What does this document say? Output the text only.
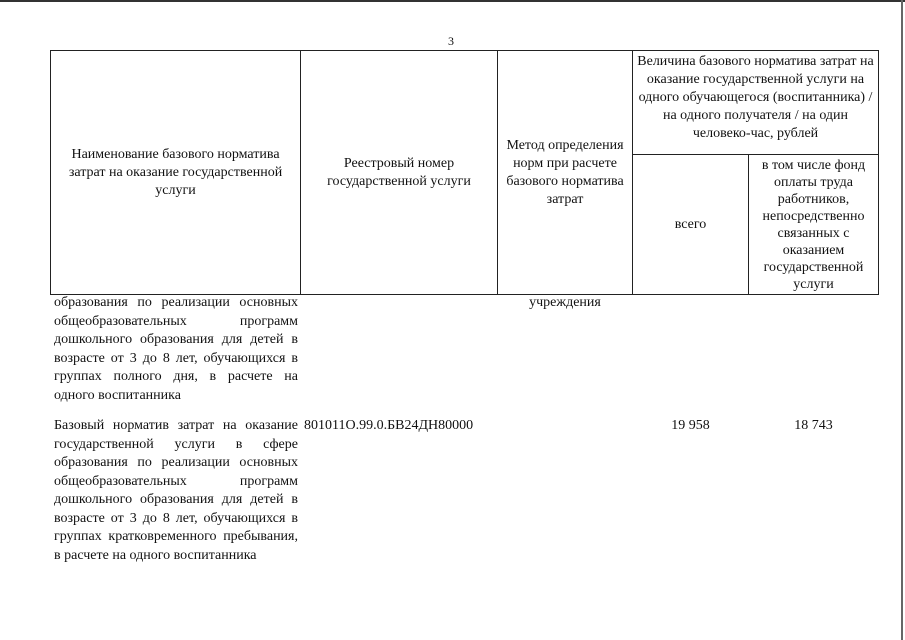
3
Наименование базового норматива затрат на оказание государственной услуги
Реестровый номер государственной услуги
Метод определения норм при расчете базового норматива затрат
Величина базового норматива затрат на оказание государственной услуги на одного обучающегося (воспитанника) / на одного получателя / на один человеко-час, рублей
всего
в том числе фонд оплаты труда работников, непосредственно связанных с оказанием государственной услуги
образования по реализации основных общеобразовательных программ дошкольного образования для детей в возрасте от 3 до 8 лет, обучающихся в группах полного дня, в расчете на одного воспитанника
учреждения
Базовый норматив затрат на оказание государственной услуги в сфере образования по реализации основных общеобразовательных программ дошкольного образования для детей в возрасте от 3 до 8 лет, обучающихся в группах кратковременного пребывания, в расчете на одного воспитанника
801011О.99.0.БВ24ДН80000	19 958	18 743
